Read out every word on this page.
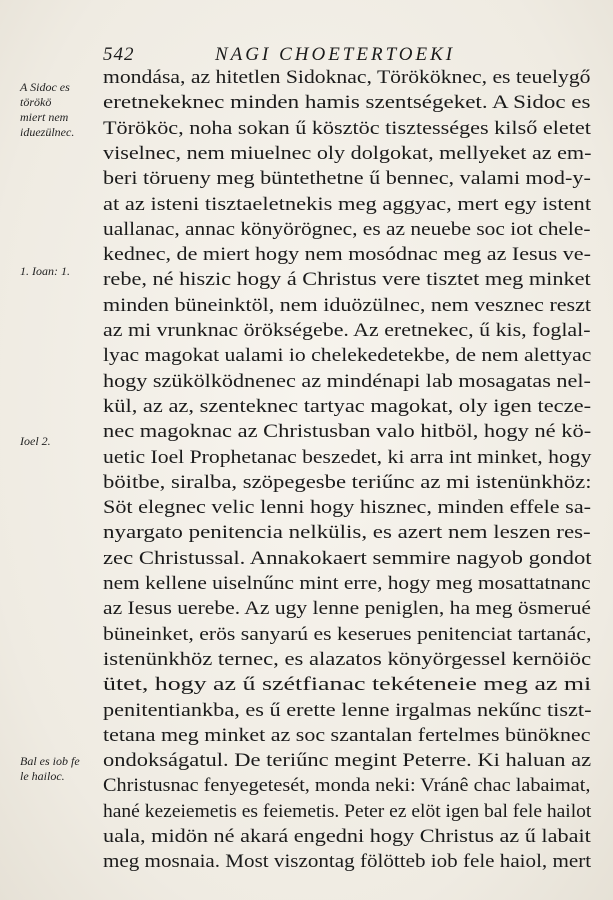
542	NAGI CHOETERTOEKI
A Sidoc es
törökö
miert nem
iduezülnec.
1. Ioan: 1.
Ioel 2.
Bal es iob fe
le hailoc.
mondása, az hitetlen Sidoknac, Törököknec, es teuelygő
eretnekeknec minden hamis szentségeket. A Sidoc es
Törököc, noha sokan ű kösztöc tisztességes kilső eletet
viselnec, nem miuelnec oly dolgokat, mellyeket az em-
beri törueny meg büntethetne ű bennec, valami mod-y-
at az isteni tisztaeletnekis meg aggyac, mert egy istent
uallanac, annac könyörögnec, es az neuebe soc iot chele-
kednec, de miert hogy nem mosódnac meg az Iesus ve-
rebe, né hiszic hogy á Christus vere tisztet meg minket
minden büneinktöl, nem iduözülnec, nem vesznec reszt
az mi vrunknac örökségebe. Az eretnekec, ű kis, foglal-
lyac magokat ualami io chelekedetekbe, de nem alettyac
hogy szükölködnenec az mindénapi lab mosagatas nel-
kül, az az, szenteknec tartyac magokat, oly igen tecze-
nec magoknac az Christusban valo hitböl, hogy né kö-
uetic Ioel Prophetanac beszedet, ki arra int minket, hogy
böitbe, siralba, szöpegesbe teriűnc az mi istenünkhöz:
Söt elegnec velic lenni hogy hisznec, minden effele sa-
nyargato penitencia nelkülis, es azert nem leszen res-
zec Christussal. Annakokaert semmire nagyob gondot
nem kellene uiselnűnc mint erre, hogy meg mosattatnanc
az Iesus uerebe. Az ugy lenne peniglen, ha meg ösmerué
büneinket, erös sanyarú es keserues penitenciat tartanác,
istenünkhöz ternec, es alazatos könyörgessel kernöiöc
ütet, hogy az ű szétfianac tekéteneie meg az mi
penitentiankba, es ű erette lenne irgalmas nekűnc tiszt-
tetana meg minket az soc szantalan fertelmes bünöknec
ondokságatul. De teriűnc megint Peterre. Ki haluan az
Christusnac fenyegetesét, monda neki: Vránê chac labaimat,
hané kezeiemetis es feiemetis. Peter ez elöt igen bal fele hailot
uala, midön né akará engedni hogy Christus az ű labait
meg mosnaia. Most viszontag fölötteb iob fele haiol, mert
